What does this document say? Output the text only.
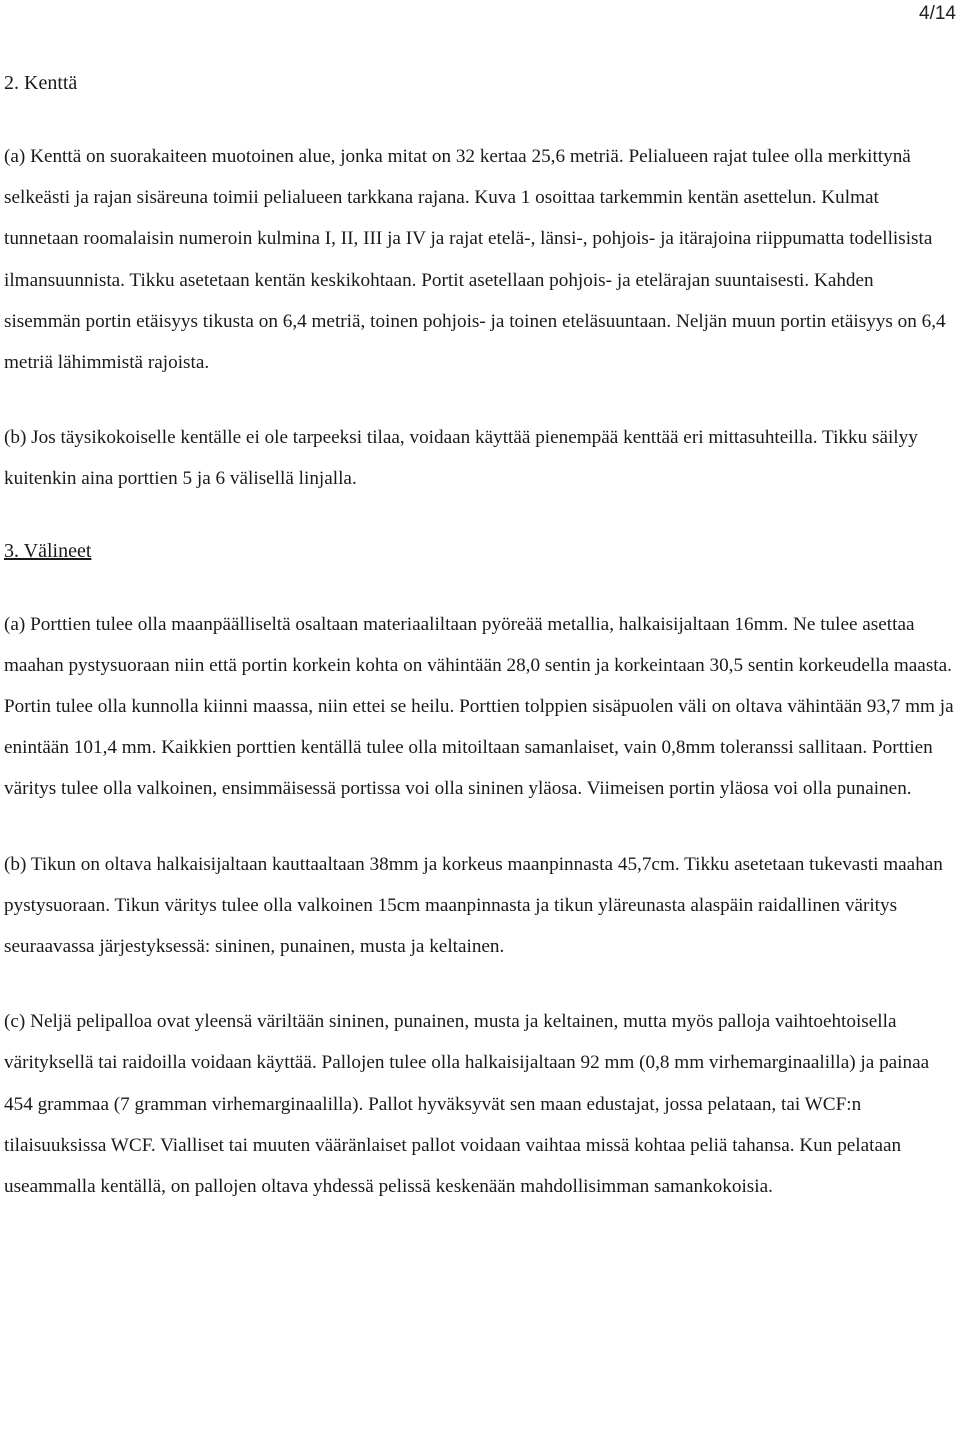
4/14
2. Kenttä

(a) Kenttä on suorakaiteen muotoinen alue, jonka mitat on 32 kertaa 25,6 metriä. Pelialueen rajat tulee olla merkittynä selkeästi ja rajan sisäreuna toimii pelialueen tarkkana rajana. Kuva 1 osoittaa tarkemmin kentän asettelun. Kulmat tunnetaan roomalaisin numeroin kulmina I, II, III ja IV ja rajat etelä-, länsi-, pohjois- ja itärajoina riippumatta todellisista ilmansuunnista. Tikku asetetaan kentän keskikohtaan. Portit asetellaan pohjois- ja etelärajan suuntaisesti. Kahden sisemmän portin etäisyys tikusta on 6,4 metriä, toinen pohjois- ja toinen eteläsuuntaan. Neljän muun portin etäisyys on 6,4 metriä lähimmistä rajoista.

(b) Jos täysikokoiselle kentälle ei ole tarpeeksi tilaa, voidaan käyttää pienempää kenttää eri mittasuhteilla. Tikku säilyy kuitenkin aina porttien 5 ja 6 välisellä linjalla.

3. Välineet

(a) Porttien tulee olla maanpäälliseltä osaltaan materiaaliltaan pyöreää metallia, halkaisijaltaan 16mm. Ne tulee asettaa maahan pystysuoraan niin että portin korkein kohta on vähintään 28,0 sentin ja korkeintaan 30,5 sentin korkeudella maasta. Portin tulee olla kunnolla kiinni maassa, niin ettei se heilu. Porttien tolppien sisäpuolen väli on oltava vähintään 93,7 mm ja enintään 101,4 mm. Kaikkien porttien kentällä tulee olla mitoiltaan samanlaiset, vain 0,8mm toleranssi sallitaan. Porttien väritys tulee olla valkoinen, ensimmäisessä portissa voi olla sininen yläosa. Viimeisen portin yläosa voi olla punainen.

(b) Tikun on oltava halkaisijaltaan kauttaaltaan 38mm ja korkeus maanpinnasta 45,7cm. Tikku asetetaan tukevasti maahan pystysuoraan. Tikun väritys tulee olla valkoinen 15cm maanpinnasta ja tikun yläreunasta alaspäin raidallinen väritys seuraavassa järjestyksessä: sininen, punainen, musta ja keltainen.

(c) Neljä pelipalloa ovat yleensä väriltään sininen, punainen, musta ja keltainen, mutta myös palloja vaihtoehtoisella värityksellä tai raidoilla voidaan käyttää. Pallojen tulee olla halkaisijaltaan 92 mm (0,8 mm virhemarginaalilla) ja painaa 454 grammaa (7 gramman virhemarginaalilla). Pallot hyväksyvät sen maan edustajat, jossa pelataan, tai WCF:n tilaisuuksissa WCF. Vialliset tai muuten vääränlaiset pallot voidaan vaihtaa missä kohtaa peliä tahansa. Kun pelataan useammalla kentällä, on pallojen oltava yhdessä pelissä keskenään mahdollisimman samankokoisia.
